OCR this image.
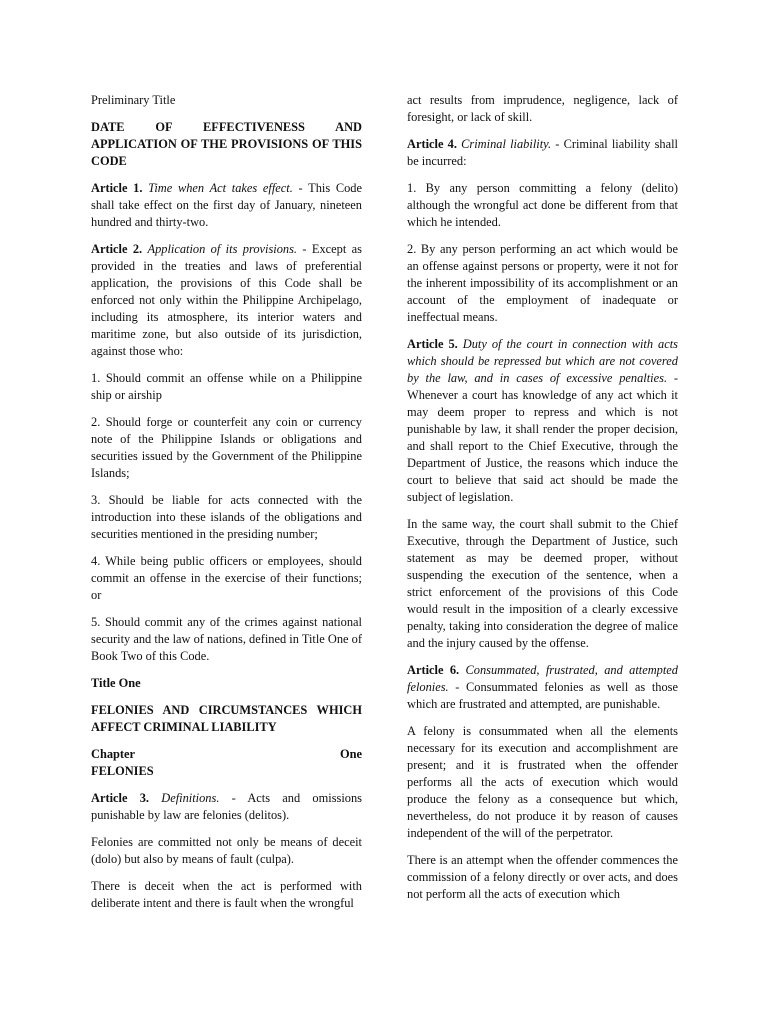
Preliminary Title

DATE OF EFFECTIVENESS AND APPLICATION OF THE PROVISIONS OF THIS CODE

Article 1. Time when Act takes effect. - This Code shall take effect on the first day of January, nineteen hundred and thirty-two.

Article 2. Application of its provisions. - Except as provided in the treaties and laws of preferential application, the provisions of this Code shall be enforced not only within the Philippine Archipelago, including its atmosphere, its interior waters and maritime zone, but also outside of its jurisdiction, against those who:

1. Should commit an offense while on a Philippine ship or airship

2. Should forge or counterfeit any coin or currency note of the Philippine Islands or obligations and securities issued by the Government of the Philippine Islands;

3. Should be liable for acts connected with the introduction into these islands of the obligations and securities mentioned in the presiding number;

4. While being public officers or employees, should commit an offense in the exercise of their functions; or

5. Should commit any of the crimes against national security and the law of nations, defined in Title One of Book Two of this Code.

Title One

FELONIES AND CIRCUMSTANCES WHICH AFFECT CRIMINAL LIABILITY

Chapter	One

FELONIES

Article 3. Definitions. - Acts and omissions punishable by law are felonies (delitos).

Felonies are committed not only be means of deceit (dolo) but also by means of fault (culpa).

There is deceit when the act is performed with deliberate intent and there is fault when the wrongful

act results from imprudence, negligence, lack of foresight, or lack of skill.

Article 4. Criminal liability. - Criminal liability shall be incurred:

1. By any person committing a felony (delito) although the wrongful act done be different from that which he intended.

2. By any person performing an act which would be an offense against persons or property, were it not for the inherent impossibility of its accomplishment or an account of the employment of inadequate or ineffectual means.

Article 5. Duty of the court in connection with acts which should be repressed but which are not covered by the law, and in cases of excessive penalties. - Whenever a court has knowledge of any act which it may deem proper to repress and which is not punishable by law, it shall render the proper decision, and shall report to the Chief Executive, through the Department of Justice, the reasons which induce the court to believe that said act should be made the subject of legislation.

In the same way, the court shall submit to the Chief Executive, through the Department of Justice, such statement as may be deemed proper, without suspending the execution of the sentence, when a strict enforcement of the provisions of this Code would result in the imposition of a clearly excessive penalty, taking into consideration the degree of malice and the injury caused by the offense.

Article 6. Consummated, frustrated, and attempted felonies. - Consummated felonies as well as those which are frustrated and attempted, are punishable.

A felony is consummated when all the elements necessary for its execution and accomplishment are present; and it is frustrated when the offender performs all the acts of execution which would produce the felony as a consequence but which, nevertheless, do not produce it by reason of causes independent of the will of the perpetrator.

There is an attempt when the offender commences the commission of a felony directly or over acts, and does not perform all the acts of execution which
